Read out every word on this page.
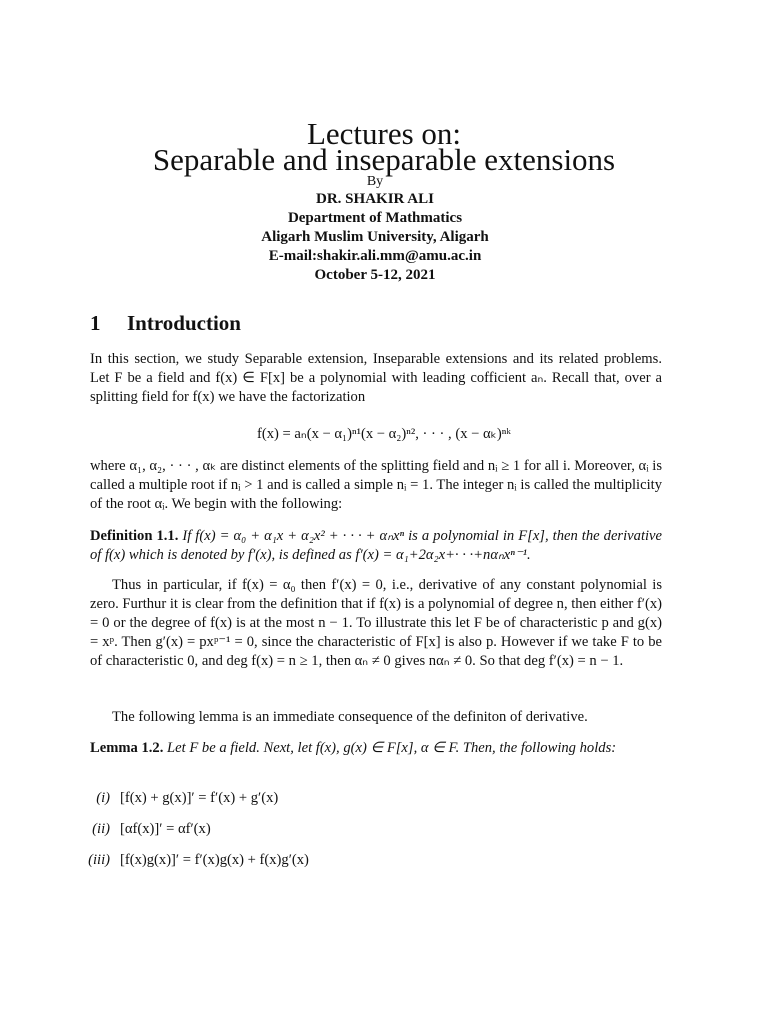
Lectures on:
Separable and inseparable extensions
By
DR. SHAKIR ALI
Department of Mathmatics
Aligarh Muslim University, Aligarh
E-mail:shakir.ali.mm@amu.ac.in
October 5-12, 2021
1 Introduction
In this section, we study Separable extension, Inseparable extensions and its related problems. Let F be a field and f(x) ∈ F[x] be a polynomial with leading cofficient aₙ. Recall that, over a splitting field for f(x) we have the factorization
f(x) = aₙ(x − α₁)ⁿ¹(x − α₂)ⁿ², · · · , (x − αₖ)ⁿᵏ
where α₁, α₂, · · · , αₖ are distinct elements of the splitting field and nᵢ ≥ 1 for all i. Moreover, αᵢ is called a multiple root if nᵢ > 1 and is called a simple nᵢ = 1. The integer nᵢ is called the multiplicity of the root αᵢ. We begin with the following:
Definition 1.1. If f(x) = α₀ + α₁x + α₂x² + · · · + αₙxⁿ is a polynomial in F[x], then the derivative of f(x) which is denoted by f′(x), is defined as f′(x) = α₁+2α₂x+· · ·+nαₙxⁿ⁻¹.
Thus in particular, if f(x) = α₀ then f′(x) = 0, i.e., derivative of any constant polynomial is zero. Furthur it is clear from the definition that if f(x) is a polynomial of degree n, then either f′(x) = 0 or the degree of f(x) is at the most n − 1. To illustrate this let F be of characteristic p and g(x) = xᵖ. Then g′(x) = pxᵖ⁻¹ = 0, since the characteristic of F[x] is also p. However if we take F to be of characteristic 0, and deg f(x) = n ≥ 1, then αₙ ≠ 0 gives nαₙ ≠ 0. So that deg f′(x) = n − 1.
The following lemma is an immediate consequence of the definiton of derivative.
Lemma 1.2. Let F be a field. Next, let f(x), g(x) ∈ F[x], α ∈ F. Then, the following holds:
(i) [f(x) + g(x)]′ = f′(x) + g′(x)
(ii) [αf(x)]′ = αf′(x)
(iii) [f(x)g(x)]′ = f′(x)g(x) + f(x)g′(x)
